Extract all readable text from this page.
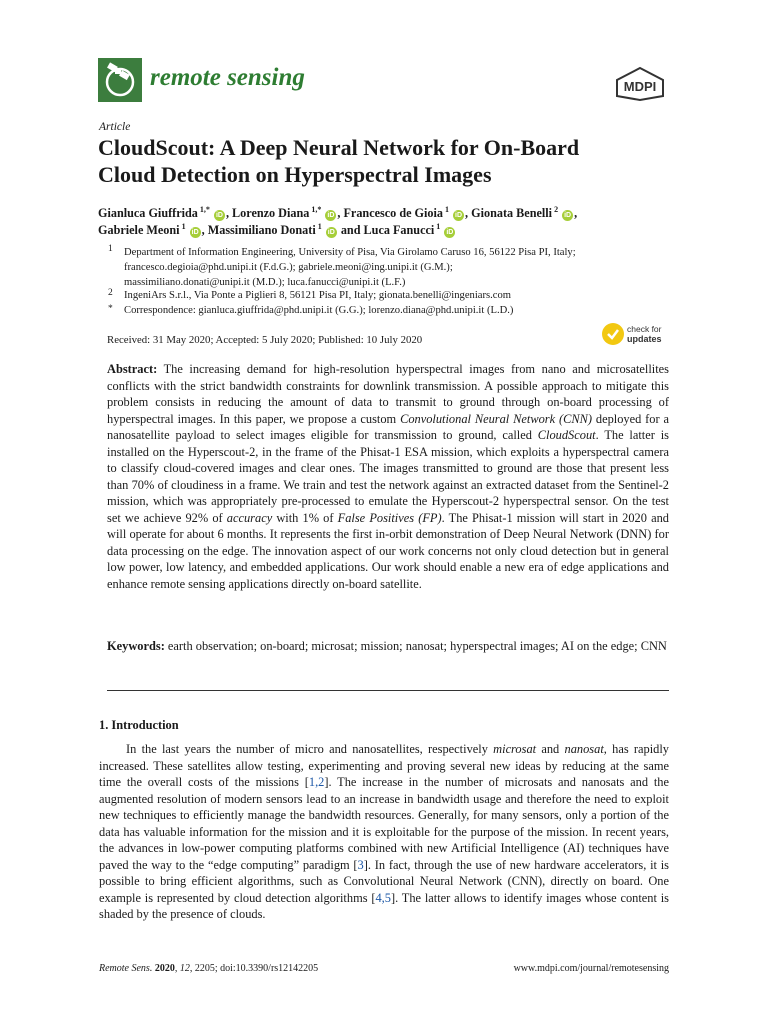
remote sensing	MDPI
Article
CloudScout: A Deep Neural Network for On-Board
Cloud Detection on Hyperspectral Images
Gianluca Giuffrida $^{1,*}$ iD , Lorenzo Diana $^{1,*}$ iD , Francesco de Gioia $^1$ iD , Gionata Benelli $^2$ iD ,
Gabriele Meoni $^1$ iD , Massimiliano Donati $^1$ iD and Luca Fanucci $^1$ iD
1 Department of Information Engineering, University of Pisa, Via Girolamo Caruso 16, 56122 Pisa PI, Italy;
francesco.degioia@phd.unipi.it (F.d.G.); gabriele.meoni@ing.unipi.it (G.M.);
massimiliano.donati@unipi.it (M.D.); luca.fanucci@unipi.it (L.F.)
2 IngeniArs S.r.l., Via Ponte a Piglieri 8, 56121 Pisa PI, Italy; gionata.benelli@ingeniars.com
* Correspondence: gianluca.giuffrida@phd.unipi.it (G.G.); lorenzo.diana@phd.unipi.it (L.D.)
Received: 31 May 2020; Accepted: 5 July 2020; Published: 10 July 2020
check for
updates
Abstract: The increasing demand for high-resolution hyperspectral images from nano and microsatellites conflicts with the strict bandwidth constraints for downlink transmission. A possible approach to mitigate this problem consists in reducing the amount of data to transmit to ground through on-board processing of hyperspectral images. In this paper, we propose a custom Convolutional Neural Network (CNN) deployed for a nanosatellite payload to select images eligible for transmission to ground, called CloudScout. The latter is installed on the Hyperscout-2, in the frame of the Phisat-1 ESA mission, which exploits a hyperspectral camera to classify cloud-covered images and clear ones. The images transmitted to ground are those that present less than 70% of cloudiness in a frame. We train and test the network against an extracted dataset from the Sentinel-2 mission, which was appropriately pre-processed to emulate the Hyperscout-2 hyperspectral sensor. On the test set we achieve 92% of accuracy with 1% of False Positives (FP). The Phisat-1 mission will start in 2020 and will operate for about 6 months. It represents the first in-orbit demonstration of Deep Neural Network (DNN) for data processing on the edge. The innovation aspect of our work concerns not only cloud detection but in general low power, low latency, and embedded applications. Our work should enable a new era of edge applications and enhance remote sensing applications directly on-board satellite.
Keywords: earth observation; on-board; microsat; mission; nanosat; hyperspectral images; AI on the edge; CNN
1. Introduction
In the last years the number of micro and nanosatellites, respectively microsat and nanosat, has rapidly increased. These satellites allow testing, experimenting and proving several new ideas by reducing at the same time the overall costs of the missions [1,2]. The increase in the number of microsats and nanosats and the augmented resolution of modern sensors lead to an increase in bandwidth usage and therefore the need to exploit new techniques to efficiently manage the bandwidth resources. Generally, for many sensors, only a portion of the data has valuable information for the mission and it is exploitable for the purpose of the mission. In recent years, the advances in low-power computing platforms combined with new Artificial Intelligence (AI) techniques have paved the way to the “edge computing” paradigm [3]. In fact, through the use of new hardware accelerators, it is possible to bring efficient algorithms, such as Convolutional Neural Network (CNN), directly on board. One example is represented by cloud detection algorithms [4,5]. The latter allows to identify images whose content is shaded by the presence of clouds.
Remote Sens. 2020, 12, 2205; doi:10.3390/rs12142205	www.mdpi.com/journal/remotesensing
